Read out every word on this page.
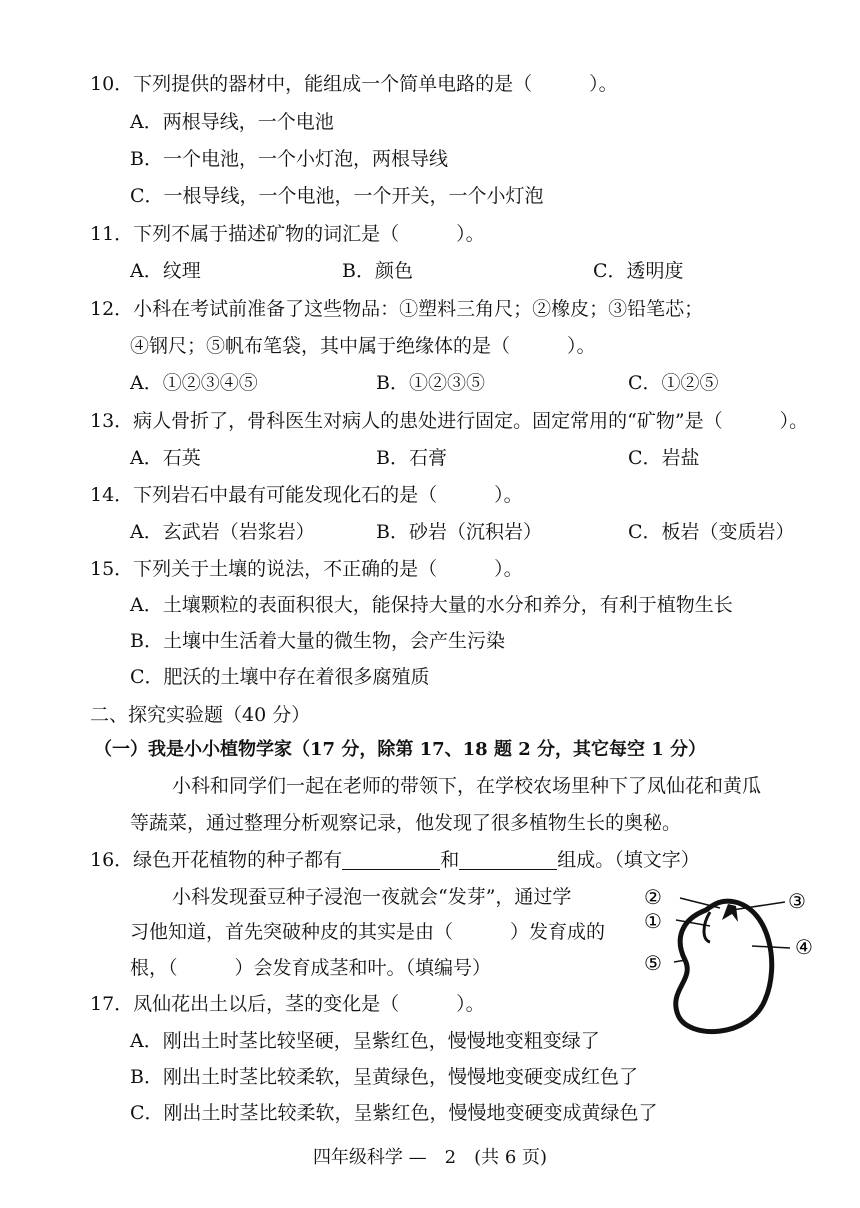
10．下列提供的器材中，能组成一个简单电路的是（　　　）。
A．两根导线，一个电池
B．一个电池，一个小灯泡，两根导线
C．一根导线，一个电池，一个开关，一个小灯泡
11．下列不属于描述矿物的词汇是（　　　）。
A．纹理	B．颜色	C．透明度
12．小科在考试前准备了这些物品：①塑料三角尺；②橡皮；③铅笔芯；
④钢尺；⑤帆布笔袋，其中属于绝缘体的是（　　　）。
A．①②③④⑤	B．①②③⑤	C．①②⑤
13．病人骨折了，骨科医生对病人的患处进行固定。固定常用的“矿物”是（　　　）。
A．石英	B．石膏	C．岩盐
14．下列岩石中最有可能发现化石的是（　　　）。
A．玄武岩（岩浆岩）	B．砂岩（沉积岩）	C．板岩（变质岩）
15．下列关于土壤的说法，不正确的是（　　　）。
A．土壤颗粒的表面积很大，能保持大量的水分和养分，有利于植物生长
B．土壤中生活着大量的微生物，会产生污染
C．肥沃的土壤中存在着很多腐殖质
二、探究实验题（40 分）
（一）我是小小植物学家（17 分，除第 17、18 题 2 分，其它每空 1 分）
小科和同学们一起在老师的带领下，在学校农场里种下了凤仙花和黄瓜
等蔬菜，通过整理分析观察记录，他发现了很多植物生长的奥秘。
16．绿色开花植物的种子都有	和	组成。（填文字）
小科发现蚕豆种子浸泡一夜就会“发芽”，通过学
习他知道，首先突破种皮的其实是由（　　　）发育成的
根，（　　　）会发育成茎和叶。（填编号）
②	③
①
④
⑤
17．凤仙花出土以后，茎的变化是（　　　）。
A．刚出土时茎比较坚硬，呈紫红色，慢慢地变粗变绿了
B．刚出土时茎比较柔软，呈黄绿色，慢慢地变硬变成红色了
C．刚出土时茎比较柔软，呈紫红色，慢慢地变硬变成黄绿色了
四年级科学 —　2　(共 6 页)
